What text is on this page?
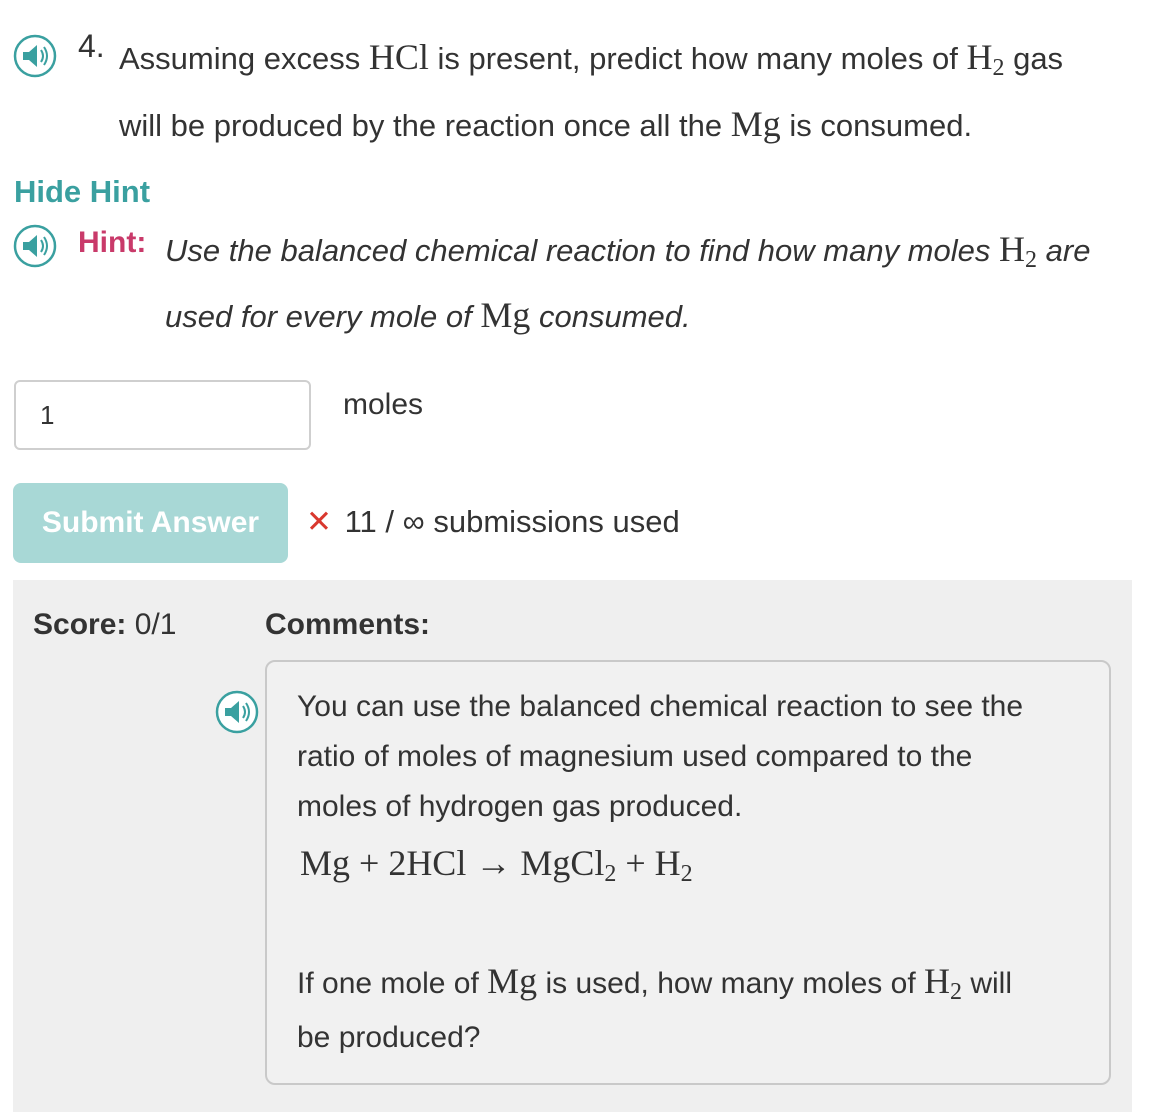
4. Assuming excess HCl is present, predict how many moles of $H_2$ gas
will be produced by the reaction once all the Mg is consumed.
Hide Hint
Hint: Use the balanced chemical reaction to find how many moles $H_2$ are
used for every mole of Mg consumed.
1
moles
Submit Answer	✕ 11 / ∞ submissions used
Score: 0/1	Comments:
You can use the balanced chemical reaction to see the
ratio of moles of magnesium used compared to the
moles of hydrogen gas produced.
Mg + 2HCl → MgCl$_2$ + $H_2$
If one mole of Mg is used, how many moles of $H_2$ will
be produced?
